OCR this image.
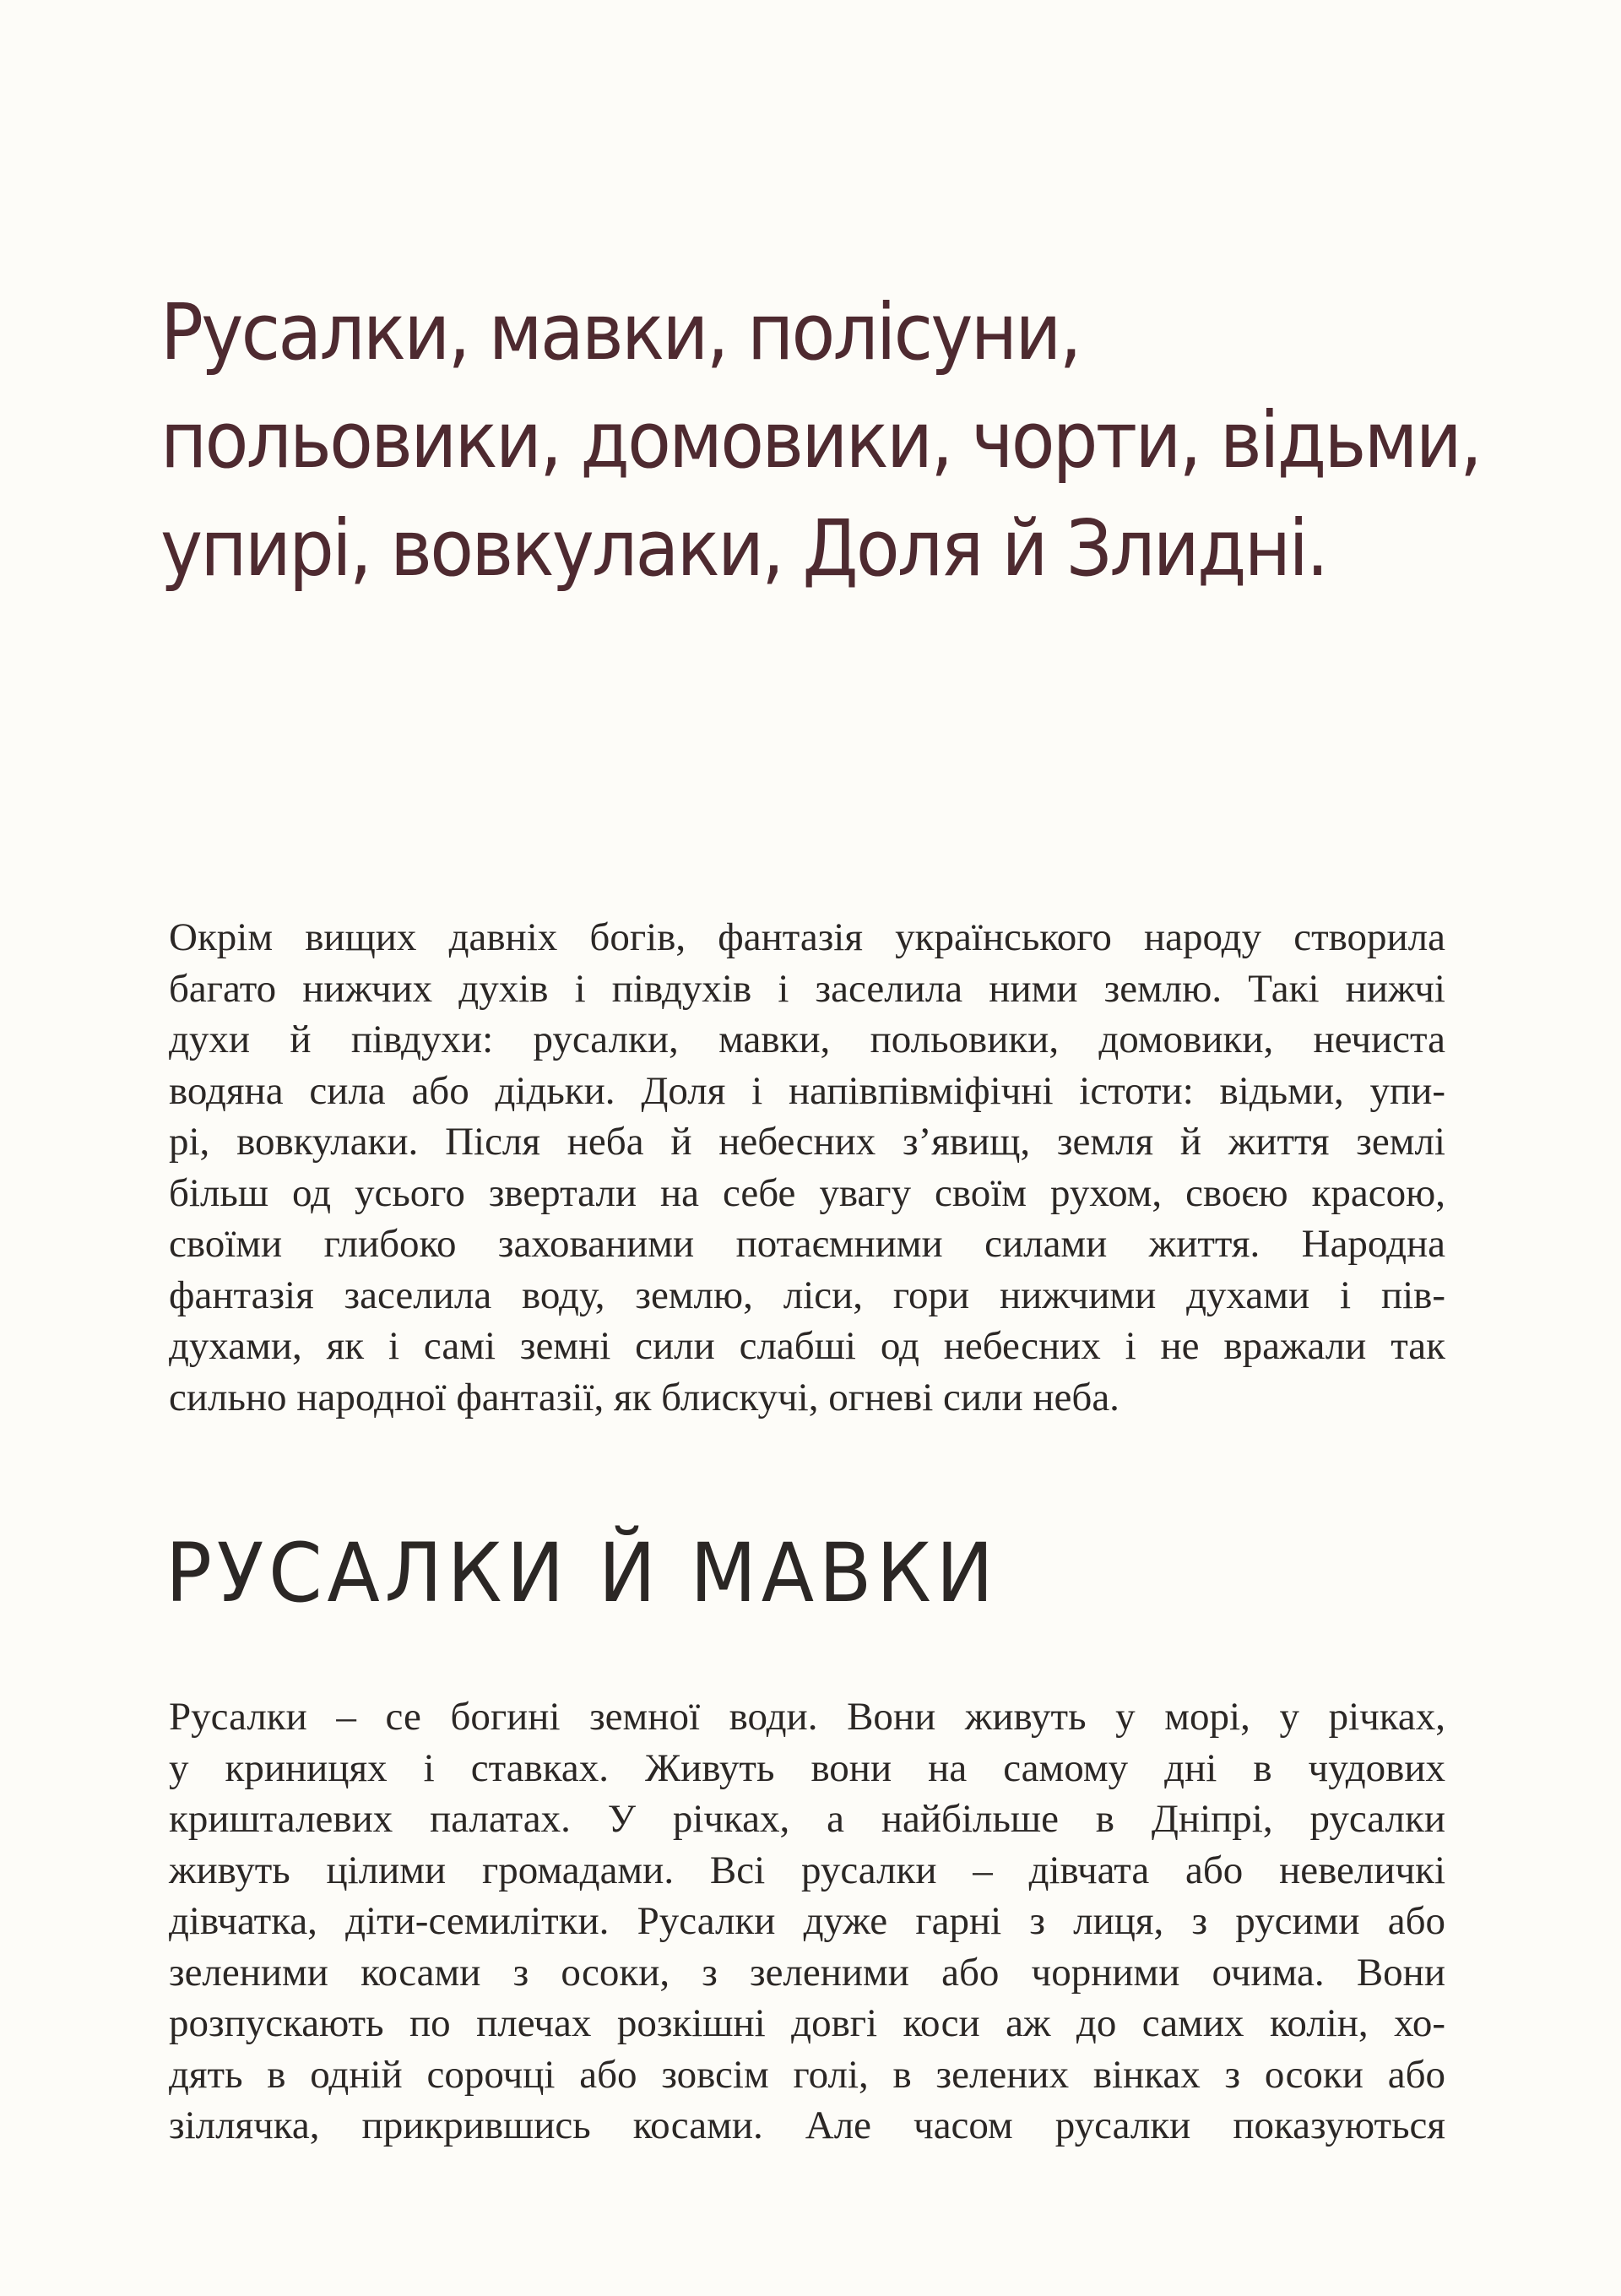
Русалки, мавки, полісуни,
польовики, домовики, чорти, відьми,
упирі, вовкулаки, Доля й Злидні.
Окрім вищих давніх богів, фантазія українського народу створила
багато нижчих духів і півдухів і заселила ними землю. Такі нижчі
духи й півдухи: русалки, мавки, польовики, домовики, нечиста
водяна сила або дідьки. Доля і напівпівміфічні істоти: відьми, упи-
рі, вовкулаки. Після неба й небесних з’явищ, земля й життя землі
більш од усього звертали на себе увагу своїм рухом, своєю красою,
своїми глибоко захованими потаємними силами життя. Народна
фантазія заселила воду, землю, ліси, гори нижчими духами і пів-
духами, як і самі земні сили слабші од небесних і не вражали так
сильно народної фантазії, як блискучі, огневі сили неба.
РУСАЛКИ Й МАВКИ
Русалки – се богині земної води. Вони живуть у морі, у річках,
у криницях і ставках. Живуть вони на самому дні в чудових
кришталевих палатах. У річках, а найбільше в Дніпрі, русалки
живуть цілими громадами. Всі русалки – дівчата або невеличкі
дівчатка, діти-семилітки. Русалки дуже гарні з лиця, з русими або
зеленими косами з осоки, з зеленими або чорними очима. Вони
розпускають по плечах розкішні довгі коси аж до самих колін, хо-
дять в одній сорочці або зовсім голі, в зелених вінках з осоки або
зіллячка, прикрившись косами. Але часом русалки показуються
